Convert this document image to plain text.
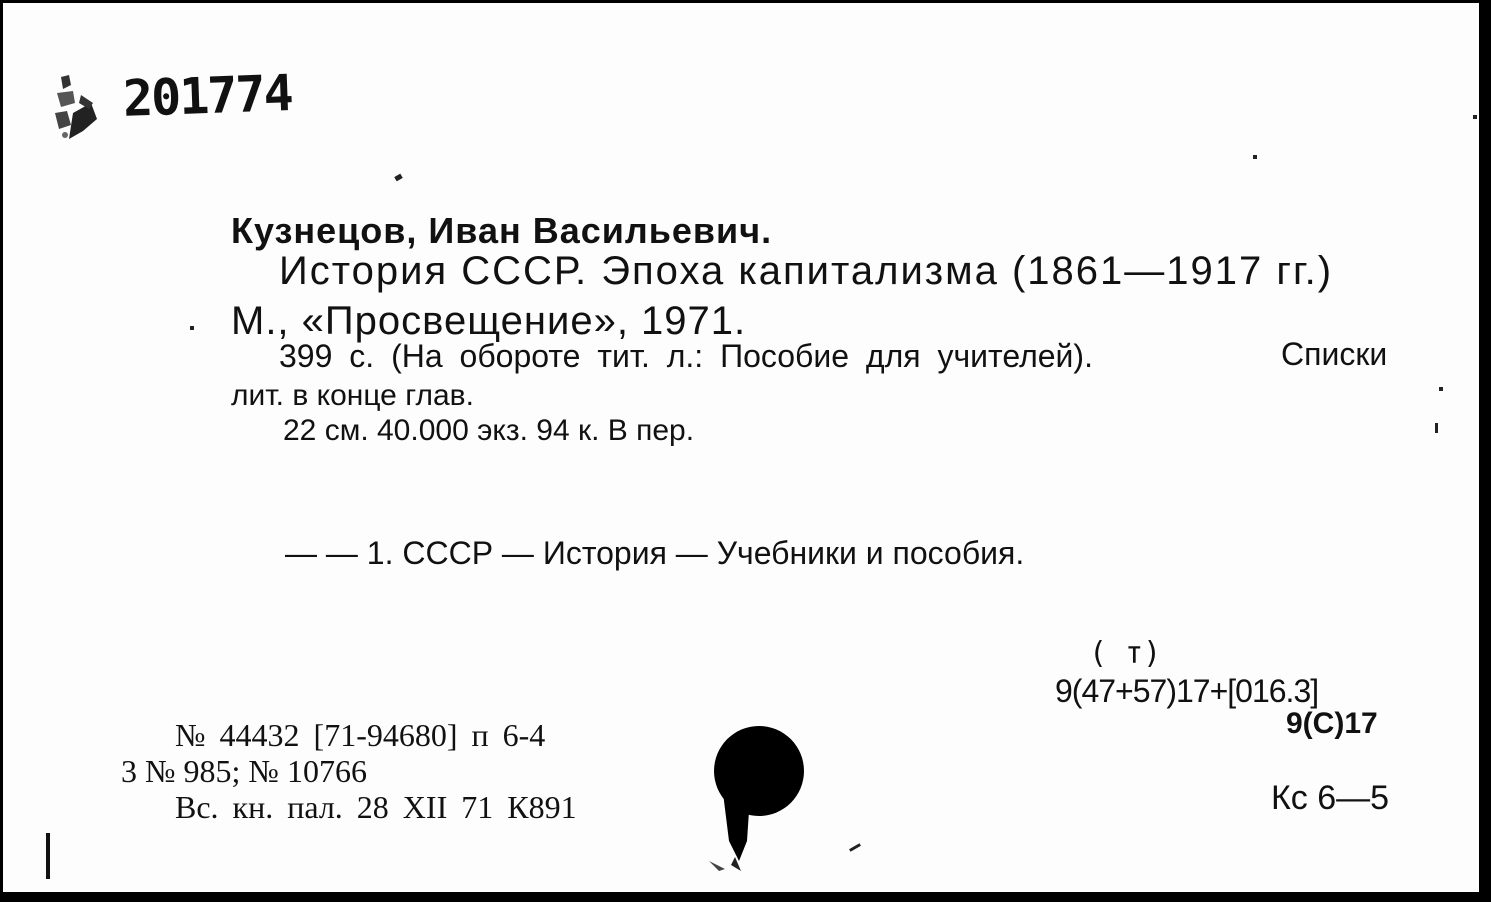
201774
Кузнецов, Иван Васильевич.
История СССР. Эпоха капитализма (1861—1917 гг.)
М., «Просвещение», 1971.
399 с. (На обороте тит. л.: Пособие для учителей).	Списки
лит. в конце глав.
22 см. 40.000 экз. 94 к. В пер.
— — 1. СССР — История — Учебники и пособия.
( т)
9(47+57)17+[016.3]
9(С)17
Кс 6—5
№ 44432 [71-94680] п 6-4
3 № 985; № 10766
Вс. кн. пал. 28 XII 71 К891
